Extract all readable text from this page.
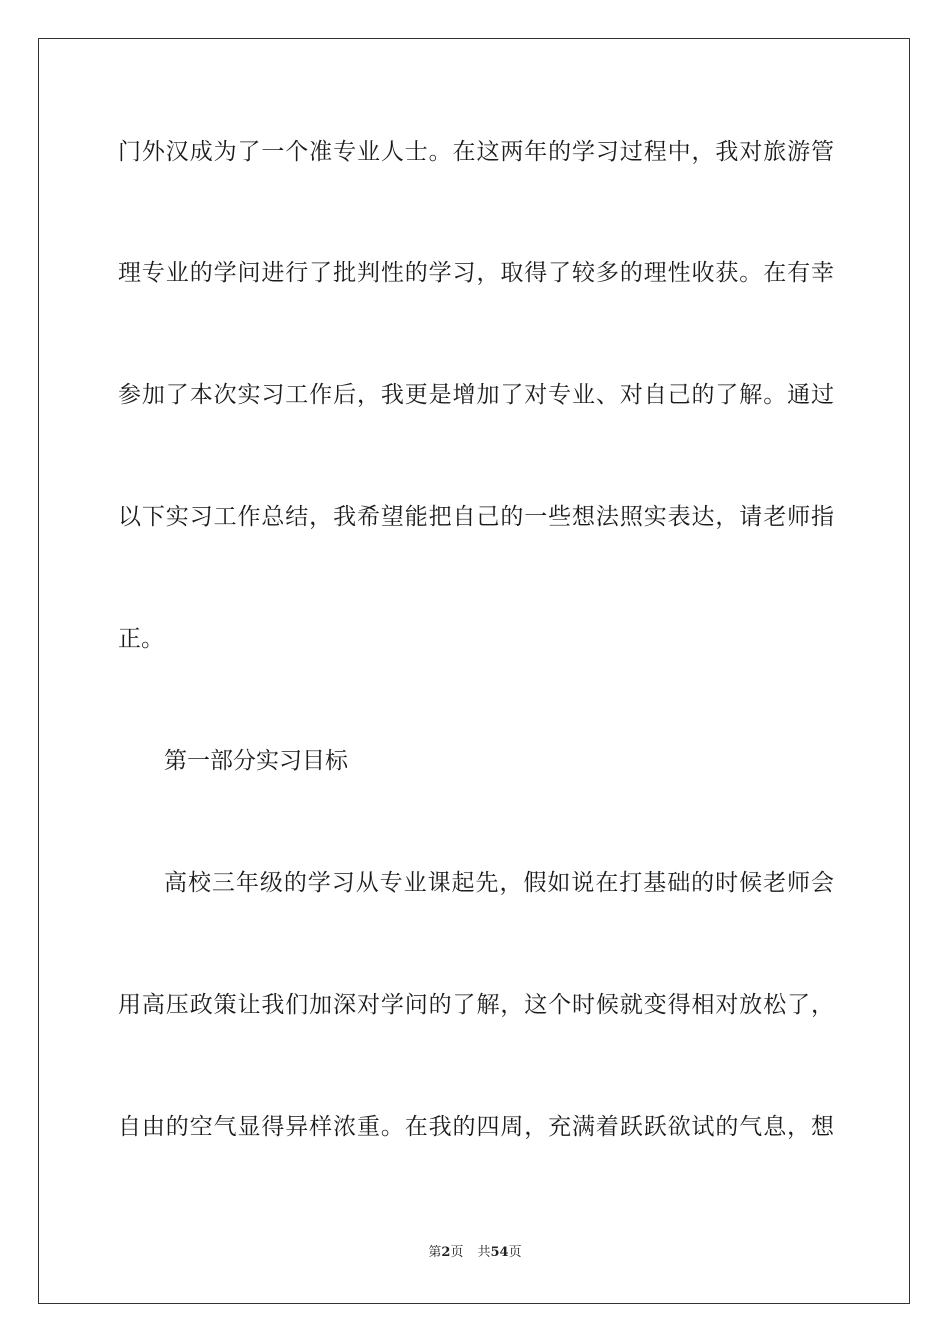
门外汉成为了一个准专业人士。在这两年的学习过程中，我对旅游管
理专业的学问进行了批判性的学习，取得了较多的理性收获。在有幸
参加了本次实习工作后，我更是增加了对专业、对自己的了解。通过
以下实习工作总结，我希望能把自己的一些想法照实表达，请老师指
正。
第一部分实习目标
高校三年级的学习从专业课起先，假如说在打基础的时候老师会
用高压政策让我们加深对学问的了解，这个时候就变得相对放松了，
自由的空气显得异样浓重。在我的四周，充满着跃跃欲试的气息，想
第2页 共54页
